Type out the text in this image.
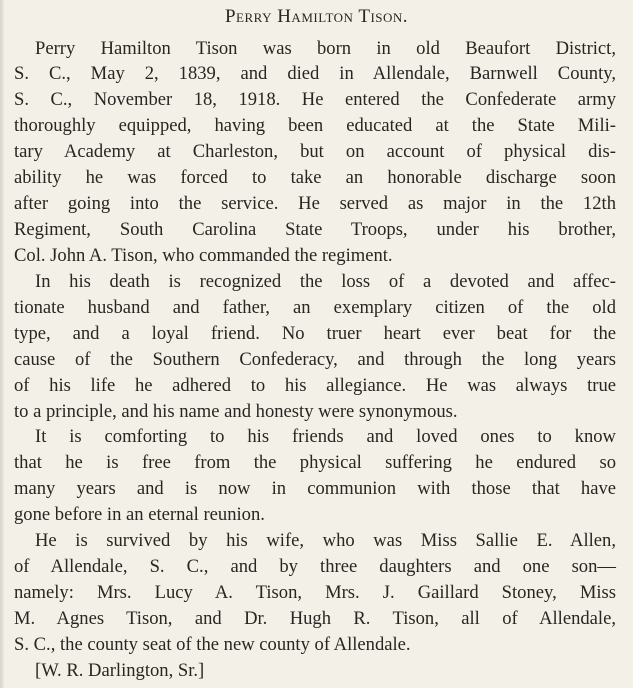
Perry Hamilton Tison.
Perry Hamilton Tison was born in old Beaufort District,
S. C., May 2, 1839, and died in Allendale, Barnwell County,
S. C., November 18, 1918. He entered the Confederate army
thoroughly equipped, having been educated at the State Mili-
tary Academy at Charleston, but on account of physical dis-
ability he was forced to take an honorable discharge soon
after going into the service. He served as major in the 12th
Regiment, South Carolina State Troops, under his brother,
Col. John A. Tison, who commanded the regiment.
In his death is recognized the loss of a devoted and affec-
tionate husband and father, an exemplary citizen of the old
type, and a loyal friend. No truer heart ever beat for the
cause of the Southern Confederacy, and through the long years
of his life he adhered to his allegiance. He was always true
to a principle, and his name and honesty were synonymous.
It is comforting to his friends and loved ones to know
that he is free from the physical suffering he endured so
many years and is now in communion with those that have
gone before in an eternal reunion.
He is survived by his wife, who was Miss Sallie E. Allen,
of Allendale, S. C., and by three daughters and one son—
namely: Mrs. Lucy A. Tison, Mrs. J. Gaillard Stoney, Miss
M. Agnes Tison, and Dr. Hugh R. Tison, all of Allendale,
S. C., the county seat of the new county of Allendale.
[W. R. Darlington, Sr.]
